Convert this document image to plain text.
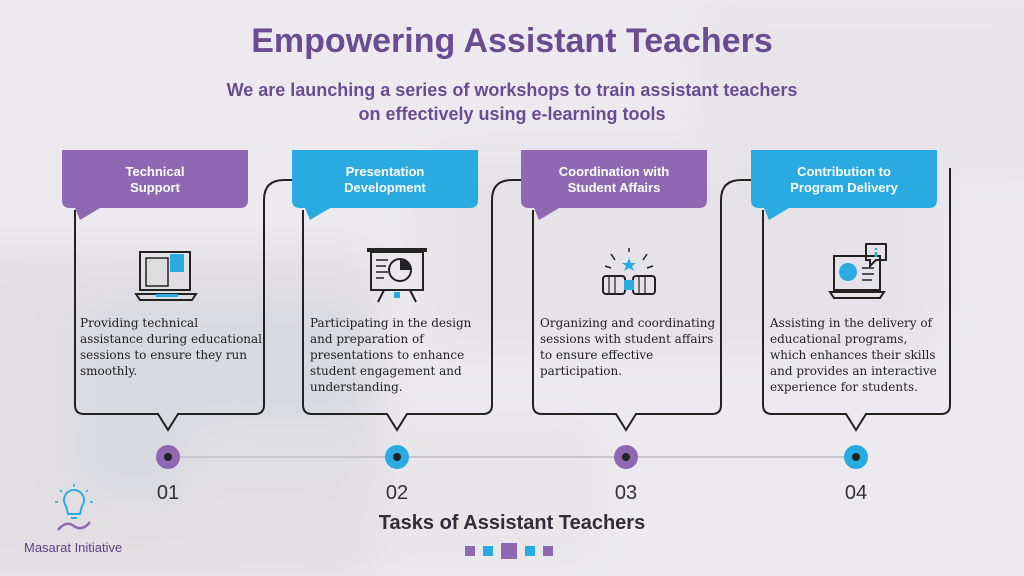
Empowering Assistant Teachers
We are launching a series of workshops to train assistant teachers
on effectively using e-learning tools
Technical
Support
Presentation
Development
Coordination with
Student Affairs
Contribution to
Program Delivery

Providing technical assistance during educational sessions to ensure they run smoothly.

Participating in the design and preparation of presentations to enhance student engagement and understanding.

Organizing and coordinating sessions with student affairs to ensure effective participation.

Assisting in the delivery of educational programs, which enhances their skills and provides an interactive experience for students.

01	02	03	04
Tasks of Assistant Teachers
Masarat Initiative
